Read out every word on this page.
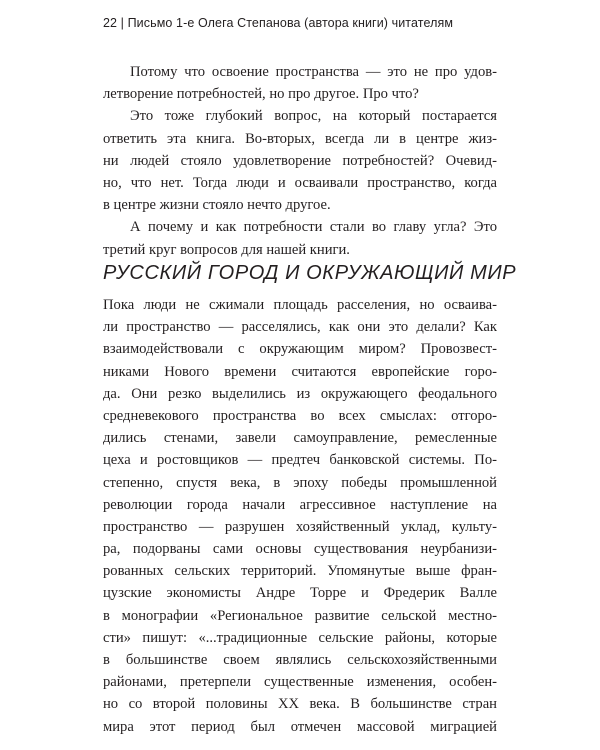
22 | Письмо 1-е Олега Степанова (автора книги) читателям
Потому что освоение пространства — это не про удов-
летворение потребностей, но про другое. Про что?
Это тоже глубокий вопрос, на который постарается
ответить эта книга. Во-вторых, всегда ли в центре жиз-
ни людей стояло удовлетворение потребностей? Очевид-
но, что нет. Тогда люди и осваивали пространство, когда
в центре жизни стояло нечто другое.
А почему и как потребности стали во главу угла? Это
третий круг вопросов для нашей книги.
РУССКИЙ ГОРОД И ОКРУЖАЮЩИЙ МИР
Пока люди не сжимали площадь расселения, но осваива-
ли пространство — расселялись, как они это делали? Как
взаимодействовали с окружающим миром? Провозвест-
никами Нового времени считаются европейские горо-
да. Они резко выделились из окружающего феодального
средневекового пространства во всех смыслах: отгоро-
дились стенами, завели самоуправление, ремесленные
цеха и ростовщиков — предтеч банковской системы. По-
степенно, спустя века, в эпоху победы промышленной
революции города начали агрессивное наступление на
пространство — разрушен хозяйственный уклад, культу-
ра, подорваны сами основы существования неурбанизи-
рованных сельских территорий. Упомянутые выше фран-
цузские экономисты Андре Торре и Фредерик Валле
в монографии «Региональное развитие сельской местно-
сти» пишут: «...традиционные сельские районы, которые
в большинстве своем являлись сельскохозяйственными
районами, претерпели существенные изменения, особен-
но со второй половины XX века. В большинстве стран
мира этот период был отмечен массовой миграцией
